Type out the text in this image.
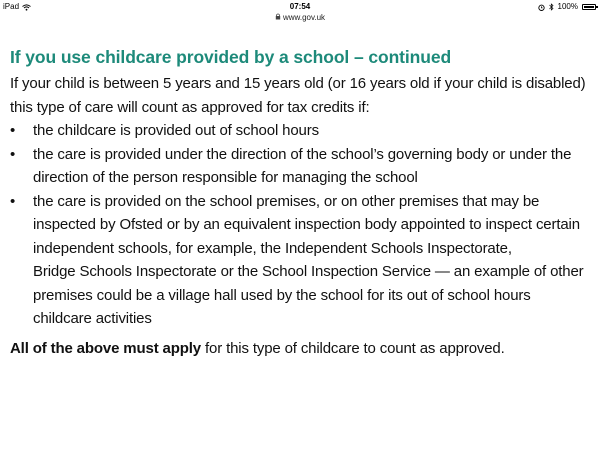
iPad	07:54	100%
www.gov.uk
If you use childcare provided by a school – continued

If your child is between 5 years and 15 years old (or 16 years old if your child is disabled)
this type of care will count as approved for tax credits if:

• the childcare is provided out of school hours
• the care is provided under the direction of the school’s governing body or under the
direction of the person responsible for managing the school
• the care is provided on the school premises, or on other premises that may be
inspected by Ofsted or by an equivalent inspection body appointed to inspect certain
independent schools, for example, the Independent Schools Inspectorate,
Bridge Schools Inspectorate or the School Inspection Service — an example of other
premises could be a village hall used by the school for its out of school hours
childcare activities

All of the above must apply for this type of childcare to count as approved.
